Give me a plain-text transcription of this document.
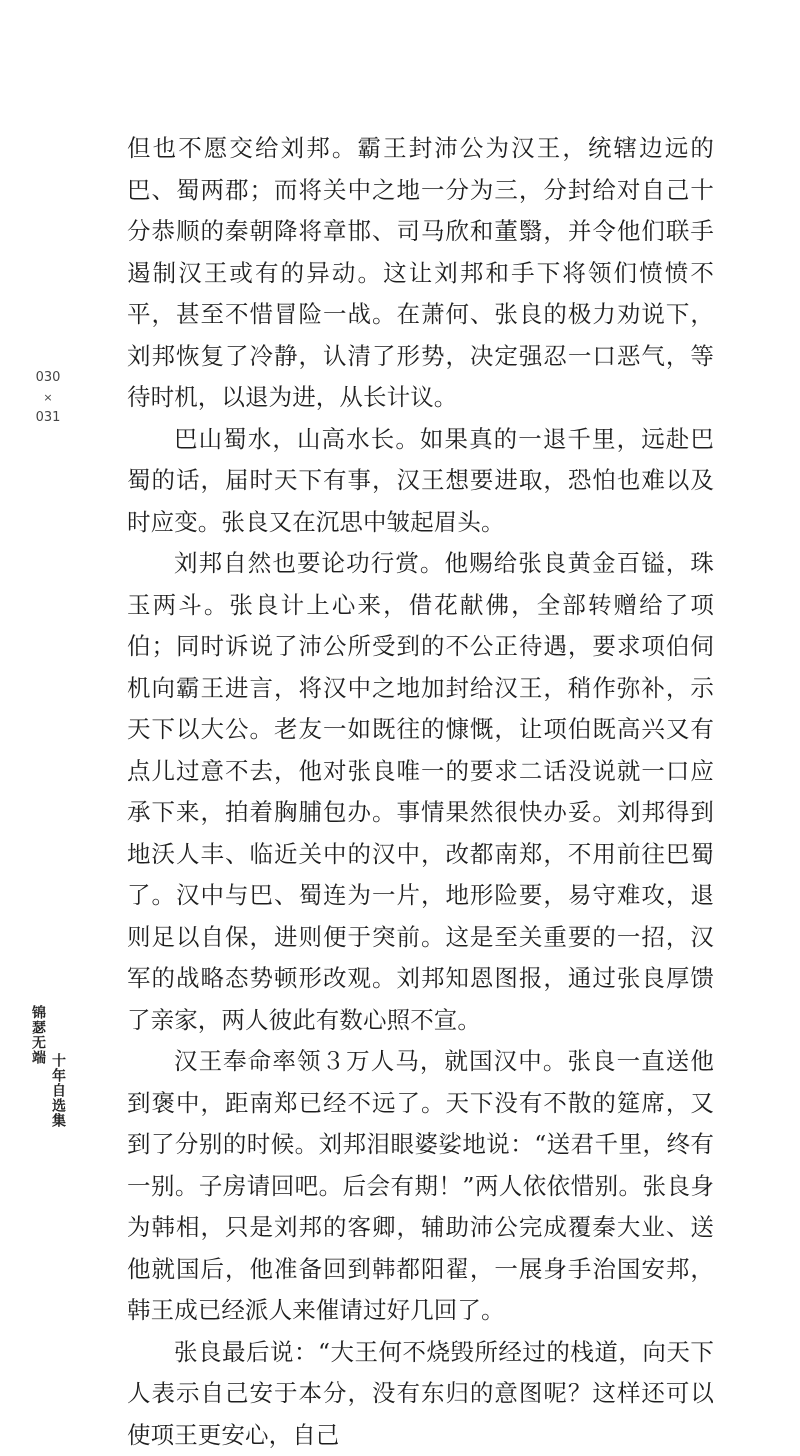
但也不愿交给刘邦。霸王封沛公为汉王，统辖边远的巴、蜀两郡；而将关中之地一分为三，分封给对自己十分恭顺的秦朝降将章邯、司马欣和董翳，并令他们联手遏制汉王或有的异动。这让刘邦和手下将领们愤愤不平，甚至不惜冒险一战。在萧何、张良的极力劝说下，刘邦恢复了冷静，认清了形势，决定强忍一口恶气，等待时机，以退为进，从长计议。

巴山蜀水，山高水长。如果真的一退千里，远赴巴蜀的话，届时天下有事，汉王想要进取，恐怕也难以及时应变。张良又在沉思中皱起眉头。

刘邦自然也要论功行赏。他赐给张良黄金百镒，珠玉两斗。张良计上心来，借花献佛，全部转赠给了项伯；同时诉说了沛公所受到的不公正待遇，要求项伯伺机向霸王进言，将汉中之地加封给汉王，稍作弥补，示天下以大公。老友一如既往的慷慨，让项伯既高兴又有点儿过意不去，他对张良唯一的要求二话没说就一口应承下来，拍着胸脯包办。事情果然很快办妥。刘邦得到地沃人丰、临近关中的汉中，改都南郑，不用前往巴蜀了。汉中与巴、蜀连为一片，地形险要，易守难攻，退则足以自保，进则便于突前。这是至关重要的一招，汉军的战略态势顿形改观。刘邦知恩图报，通过张良厚馈了亲家，两人彼此有数心照不宣。

汉王奉命率领３万人马，就国汉中。张良一直送他到褒中，距南郑已经不远了。天下没有不散的筵席，又到了分别的时候。刘邦泪眼婆娑地说：“送君千里，终有一别。子房请回吧。后会有期！”两人依依惜别。张良身为韩相，只是刘邦的客卿，辅助沛公完成覆秦大业、送他就国后，他准备回到韩都阳翟，一展身手治国安邦，韩王成已经派人来催请过好几回了。

张良最后说：“大王何不烧毁所经过的栈道，向天下人表示自己安于本分，没有东归的意图呢？这样还可以使项王更安心，自己

030
×
031
锦瑟无端
十年自选集
